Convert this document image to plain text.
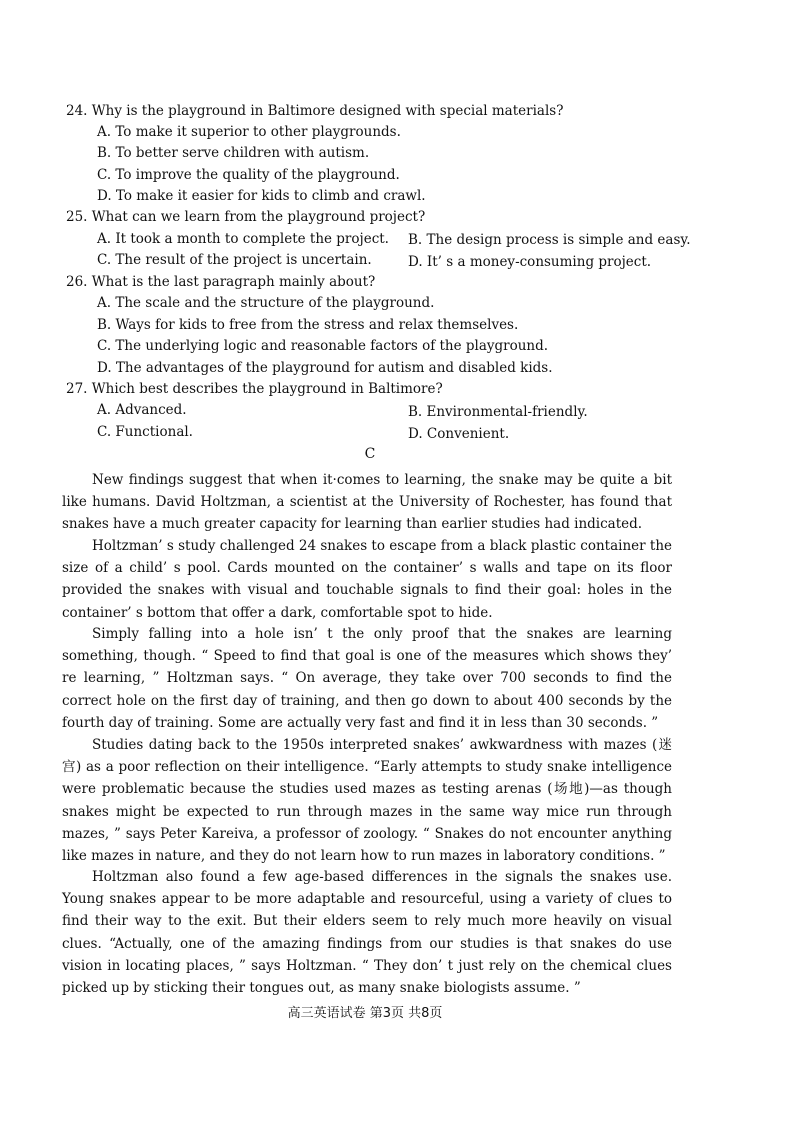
24. Why is the playground in Baltimore designed with special materials?
A. To make it superior to other playgrounds.
B. To better serve children with autism.
C. To improve the quality of the playground.
D. To make it easier for kids to climb and crawl.
25. What can we learn from the playground project?
A. It took a month to complete the project. B. The design process is simple and easy.
C. The result of the project is uncertain.	D. It’ s a money-consuming project.
26. What is the last paragraph mainly about?
A. The scale and the structure of the playground.
B. Ways for kids to free from the stress and relax themselves.
C. The underlying logic and reasonable factors of the playground.
D. The advantages of the playground for autism and disabled kids.
27. Which best describes the playground in Baltimore?
A. Advanced.	B. Environmental-friendly.
C. Functional.	D. Convenient.
C

New findings suggest that when it·comes to learning, the snake may be quite a bit like humans. David Holtzman, a scientist at the University of Rochester, has found that snakes have a much greater capacity for learning than earlier studies had indicated.

Holtzman’ s study challenged 24 snakes to escape from a black plastic container the size of a child’ s pool. Cards mounted on the container’ s walls and tape on its floor provided the snakes with visual and touchable signals to find their goal: holes in the container’ s bottom that offer a dark, comfortable spot to hide.

Simply falling into a hole isn’ t the only proof that the snakes are learning something, though. “ Speed to find that goal is one of the measures which shows they’ re learning, ” Holtzman says. “ On average, they take over 700 seconds to find the correct hole on the first day of training, and then go down to about 400 seconds by the fourth day of training. Some are actually very fast and find it in less than 30 seconds. ”

Studies dating back to the 1950s interpreted snakes’ awkwardness with mazes (迷宫) as a poor reflection on their intelligence. “Early attempts to study snake intelligence were problematic because the studies used mazes as testing arenas (场地)—as though snakes might be expected to run through mazes in the same way mice run through mazes, ” says Peter Kareiva, a professor of zoology. “ Snakes do not encounter anything like mazes in nature, and they do not learn how to run mazes in laboratory conditions. ”

Holtzman also found a few age-based differences in the signals the snakes use. Young snakes appear to be more adaptable and resourceful, using a variety of clues to find their way to the exit. But their elders seem to rely much more heavily on visual clues. “Actually, one of the amazing findings from our studies is that snakes do use vision in locating places, ” says Holtzman. “ They don’ t just rely on the chemical clues picked up by sticking their tongues out, as many snake biologists assume. ”

高三英语试卷 第3页 共8页
